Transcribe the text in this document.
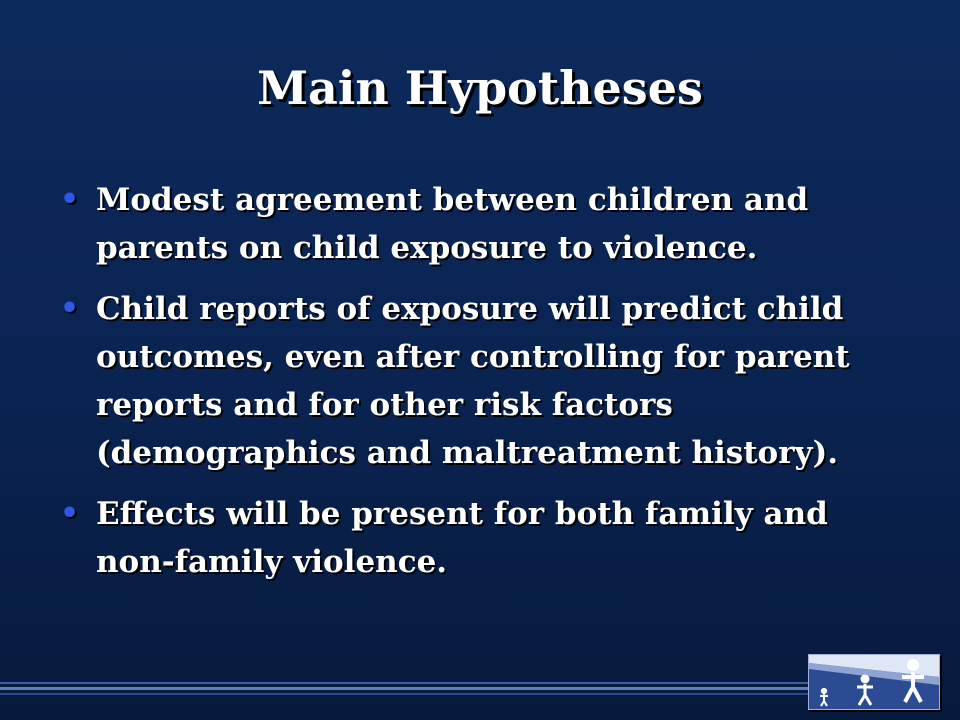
Main Hypotheses
• Modest agreement between children and parents on child exposure to violence.
• Child reports of exposure will predict child outcomes, even after controlling for parent reports and for other risk factors (demographics and maltreatment history).
• Effects will be present for both family and non-family violence.
